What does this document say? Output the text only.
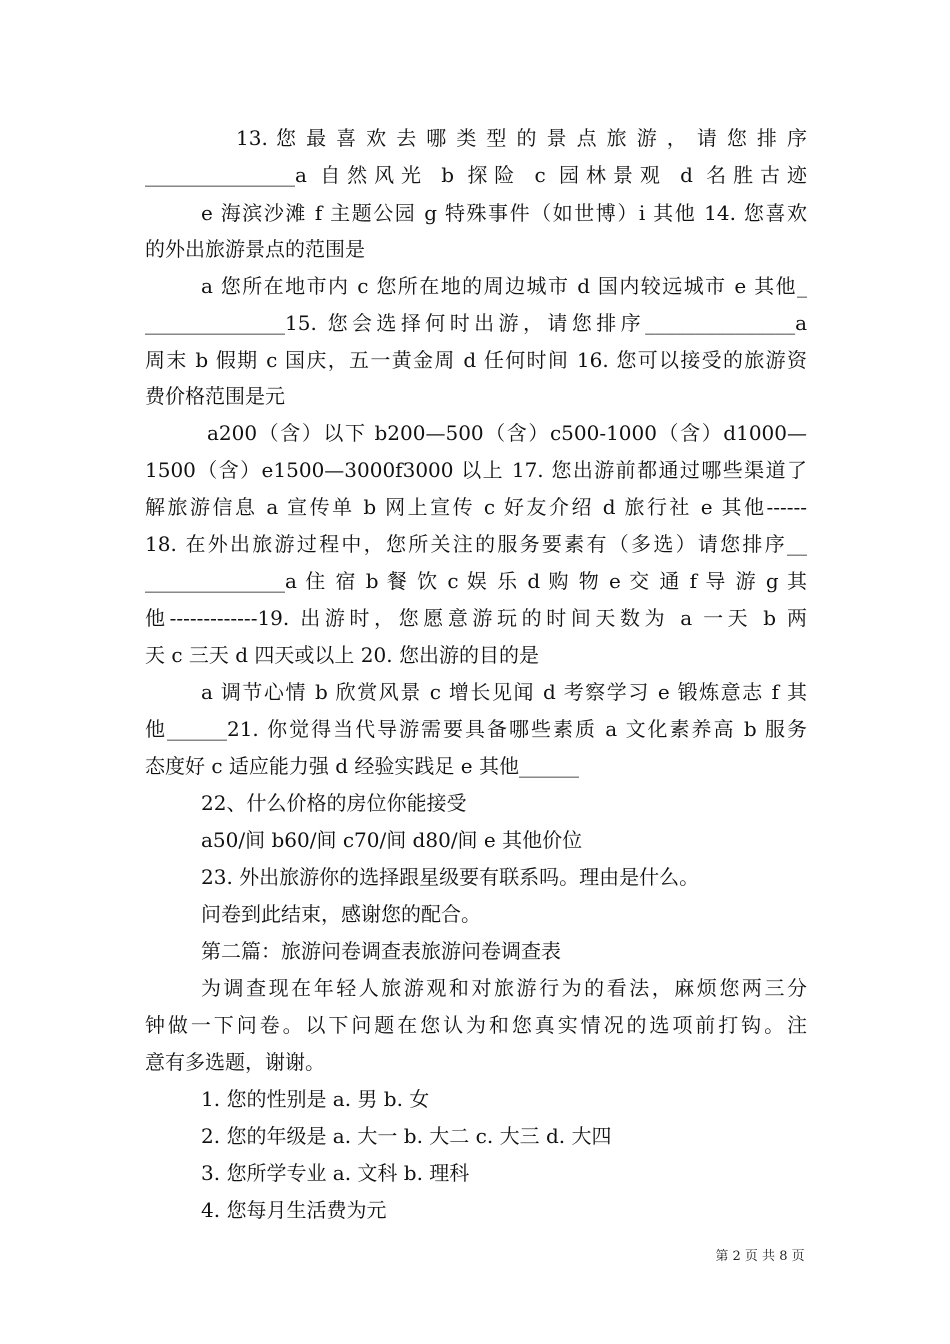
13. 您 最 喜 欢 去 哪 类 型 的 景 点 旅 游 ， 请 您 排 序
_______________a 自然风光 b 探险 c 园林景观 d 名胜古迹
e 海滨沙滩 f 主题公园 g 特殊事件（如世博）i 其他 14. 您喜欢
的外出旅游景点的范围是
a 您所在地市内 c 您所在地的周边城市 d 国内较远城市 e 其他_
______________15. 您会选择何时出游，请您排序_______________a
周末 b 假期 c 国庆，五一黄金周 d 任何时间 16. 您可以接受的旅游资
费价格范围是元
a200（含）以下 b200—500（含）c500-1000（含）d1000—
1500（含）e1500—3000f3000 以上 17. 您出游前都通过哪些渠道了
解旅游信息 a 宣传单 b 网上宣传 c 好友介绍 d 旅行社 e 其他------
18. 在外出旅游过程中，您所关注的服务要素有（多选）请您排序__
______________a 住 宿 b 餐 饮 c 娱 乐 d 购 物 e 交 通 f 导 游 g 其
他-------------19. 出游时，您愿意游玩的时间天数为 a 一天 b 两
天 c 三天 d 四天或以上 20. 您出游的目的是
a 调节心情 b 欣赏风景 c 增长见闻 d 考察学习 e 锻炼意志 f 其
他______21. 你觉得当代导游需要具备哪些素质 a 文化素养高 b 服务
态度好 c 适应能力强 d 经验实践足 e 其他______
22、什么价格的房位你能接受
a50/间 b60/间 c70/间 d80/间 e 其他价位
23. 外出旅游你的选择跟星级要有联系吗。理由是什么。
问卷到此结束，感谢您的配合。
第二篇：旅游问卷调查表旅游问卷调查表
为调查现在年轻人旅游观和对旅游行为的看法，麻烦您两三分
钟做一下问卷。以下问题在您认为和您真实情况的选项前打钩。注
意有多选题，谢谢。
1. 您的性别是 a. 男 b. 女
2. 您的年级是 a. 大一 b. 大二 c. 大三 d. 大四
3. 您所学专业 a. 文科 b. 理科
4. 您每月生活费为元
第 2 页 共 8 页
